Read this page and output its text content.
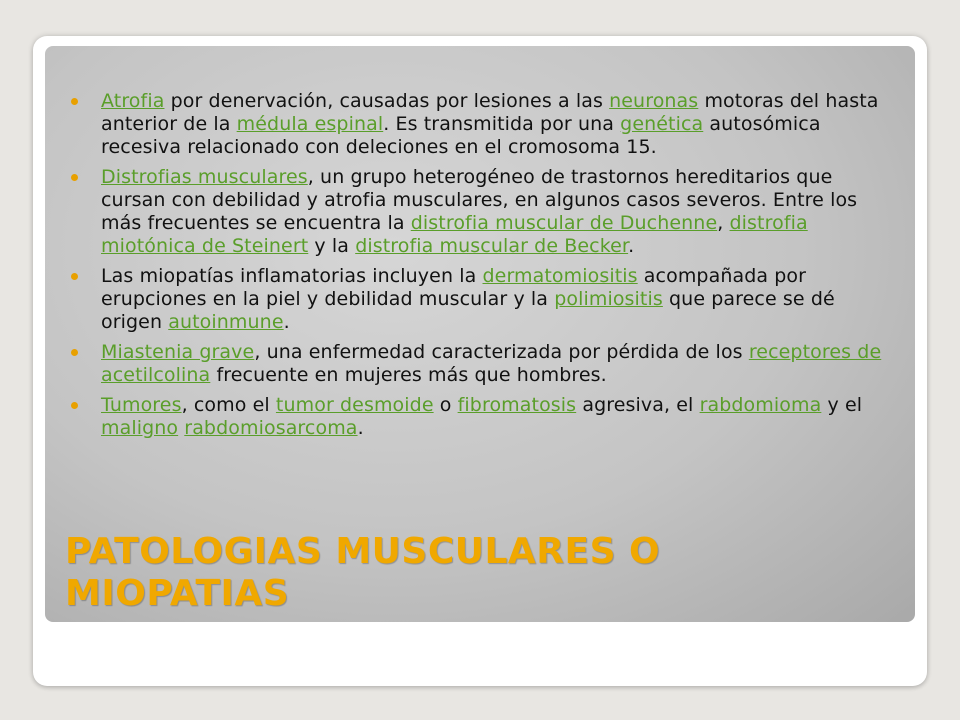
Atrofia por denervación, causadas por lesiones a las neuronas motoras del hasta anterior de la médula espinal. Es transmitida por una genética autosómica recesiva relacionado con deleciones en el cromosoma 15.
Distrofias musculares, un grupo heterogéneo de trastornos hereditarios que cursan con debilidad y atrofia musculares, en algunos casos severos. Entre los más frecuentes se encuentra la distrofia muscular de Duchenne, distrofia miotónica de Steinert y la distrofia muscular de Becker.
Las miopatías inflamatorias incluyen la dermatomiositis acompañada por erupciones en la piel y debilidad muscular y la polimiositis que parece se dé origen autoinmune.
Miastenia grave, una enfermedad caracterizada por pérdida de los receptores de acetilcolina frecuente en mujeres más que hombres.
Tumores, como el tumor desmoide o fibromatosis agresiva, el rabdomioma y el maligno rabdomiosarcoma.
PATOLOGIAS MUSCULARES O MIOPATIAS
